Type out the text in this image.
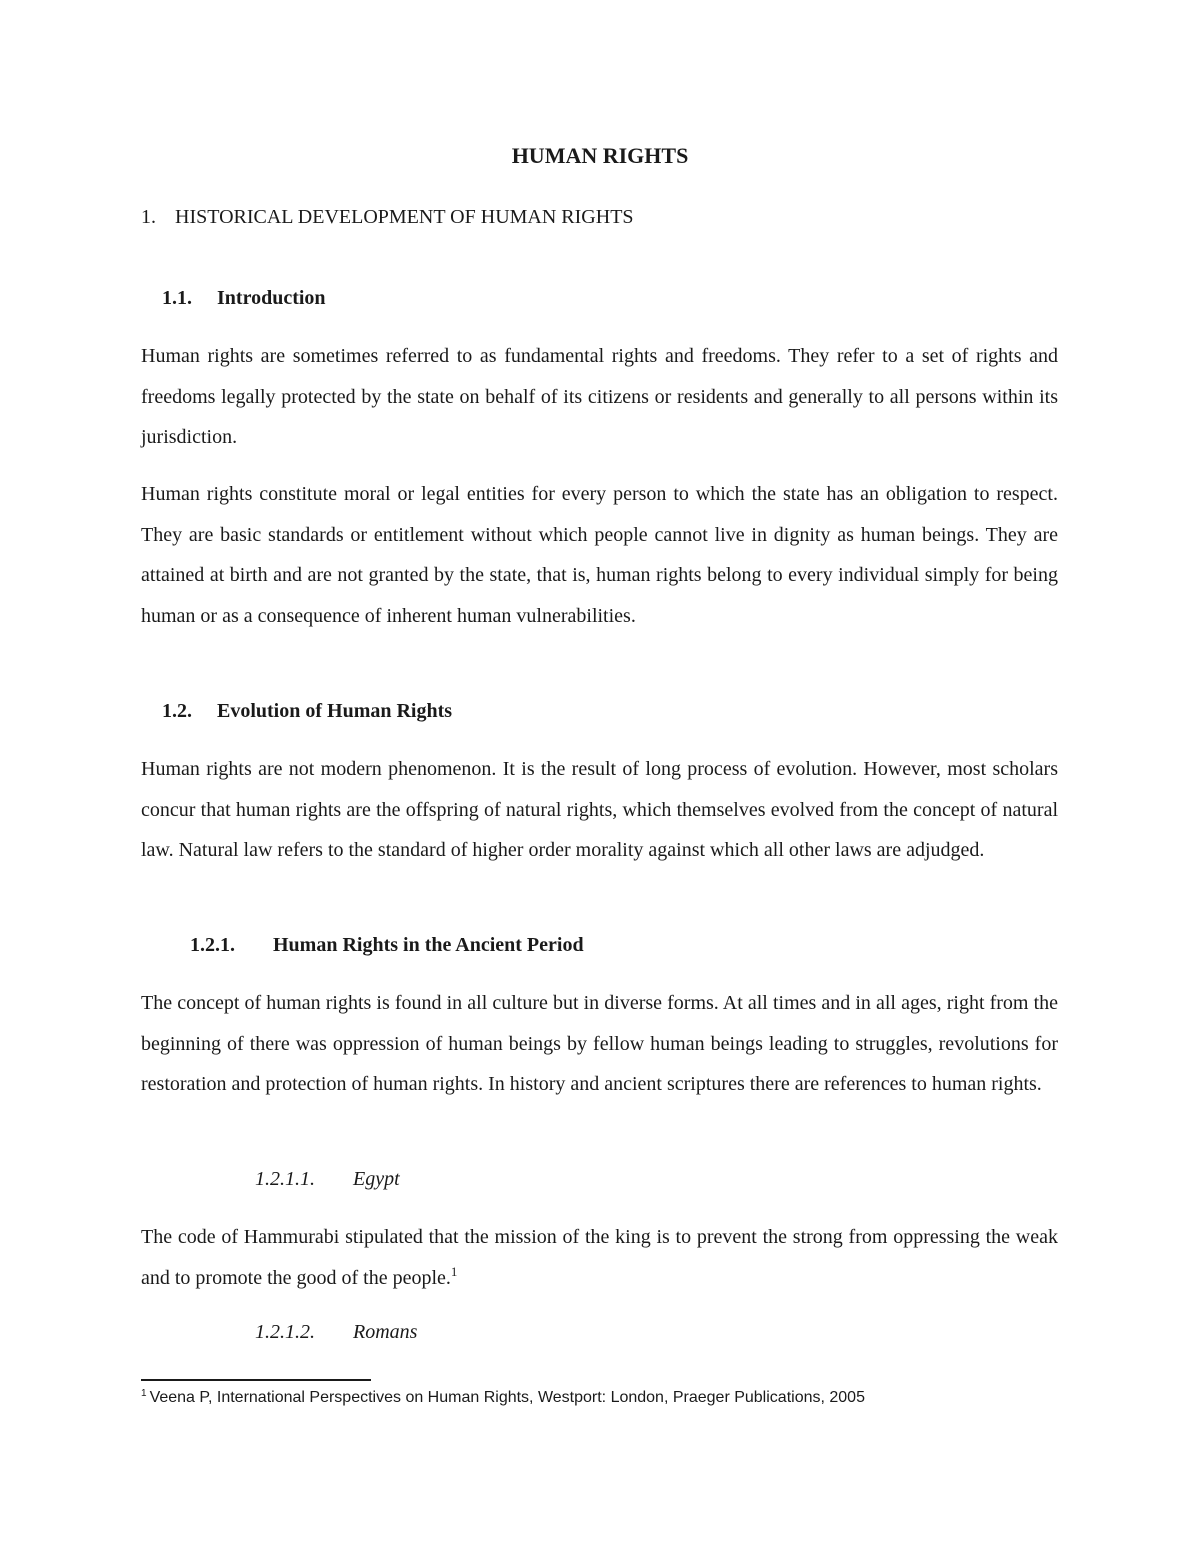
HUMAN RIGHTS
1. HISTORICAL DEVELOPMENT OF HUMAN RIGHTS
1.1. Introduction

Human rights are sometimes referred to as fundamental rights and freedoms. They refer to a set of rights and freedoms legally protected by the state on behalf of its citizens or residents and generally to all persons within its jurisdiction.

Human rights constitute moral or legal entities for every person to which the state has an obligation to respect. They are basic standards or entitlement without which people cannot live in dignity as human beings. They are attained at birth and are not granted by the state, that is, human rights belong to every individual simply for being human or as a consequence of inherent human vulnerabilities.

1.2. Evolution of Human Rights

Human rights are not modern phenomenon. It is the result of long process of evolution. However, most scholars concur that human rights are the offspring of natural rights, which themselves evolved from the concept of natural law. Natural law refers to the standard of higher order morality against which all other laws are adjudged.

1.2.1. Human Rights in the Ancient Period

The concept of human rights is found in all culture but in diverse forms. At all times and in all ages, right from the beginning of there was oppression of human beings by fellow human beings leading to struggles, revolutions for restoration and protection of human rights. In history and ancient scriptures there are references to human rights.

1.2.1.1. Egypt

The code of Hammurabi stipulated that the mission of the king is to prevent the strong from oppressing the weak and to promote the good of the people.$^1$

1.2.1.2. Romans
$^1$ Veena P, International Perspectives on Human Rights, Westport: London, Praeger Publications, 2005
